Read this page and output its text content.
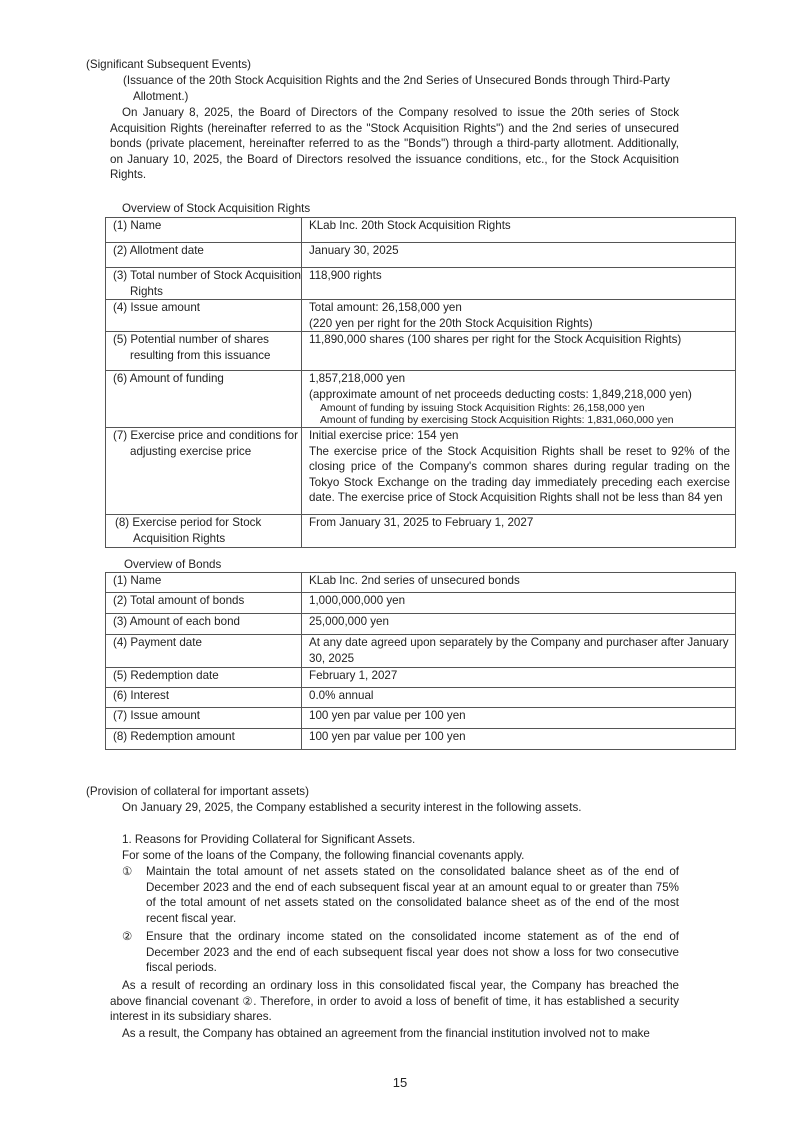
(Significant Subsequent Events)
(Issuance of the 20th Stock Acquisition Rights and the 2nd Series of Unsecured Bonds through Third-Party Allotment.)
On January 8, 2025, the Board of Directors of the Company resolved to issue the 20th series of Stock Acquisition Rights (hereinafter referred to as the "Stock Acquisition Rights") and the 2nd series of unsecured bonds (private placement, hereinafter referred to as the "Bonds") through a third-party allotment. Additionally, on January 10, 2025, the Board of Directors resolved the issuance conditions, etc., for the Stock Acquisition Rights.
Overview of Stock Acquisition Rights
(1) Name	KLab Inc. 20th Stock Acquisition Rights
(2) Allotment date	January 30, 2025

(3) Total number of Stock Acquisition Rights	118,900 rights
(4) Issue amount	Total amount: 26,158,000 yen
(220 yen per right for the 20th Stock Acquisition Rights)

(5) Potential number of shares resulting from this issuance	11,890,000 shares (100 shares per right for the Stock Acquisition Rights)
(6) Amount of funding	1,857,218,000 yen
(approximate amount of net proceeds deducting costs: 1,849,218,000 yen)
Amount of funding by issuing Stock Acquisition Rights: 26,158,000 yen
Amount of funding by exercising Stock Acquisition Rights: 1,831,060,000 yen

(7) Exercise price and conditions for adjusting exercise price	Initial exercise price: 154 yen
The exercise price of the Stock Acquisition Rights shall be reset to 92% of the closing price of the Company's common shares during regular trading on the Tokyo Stock Exchange on the trading day immediately preceding each exercise date. The exercise price of Stock Acquisition Rights shall not be less than 84 yen

(8) Exercise period for Stock Acquisition Rights	From January 31, 2025 to February 1, 2027
Overview of Bonds
(1) Name	KLab Inc. 2nd series of unsecured bonds
(2) Total amount of bonds	1,000,000,000 yen
(3) Amount of each bond	25,000,000 yen
(4) Payment date	At any date agreed upon separately by the Company and purchaser after January 30, 2025
(5) Redemption date	February 1, 2027
(6) Interest	0.0% annual
(7) Issue amount	100 yen par value per 100 yen
(8) Redemption amount	100 yen par value per 100 yen
(Provision of collateral for important assets)
On January 29, 2025, the Company established a security interest in the following assets.
1. Reasons for Providing Collateral for Significant Assets.
For some of the loans of the Company, the following financial covenants apply.
① Maintain the total amount of net assets stated on the consolidated balance sheet as of the end of December 2023 and the end of each subsequent fiscal year at an amount equal to or greater than 75% of the total amount of net assets stated on the consolidated balance sheet as of the end of the most recent fiscal year.
② Ensure that the ordinary income stated on the consolidated income statement as of the end of December 2023 and the end of each subsequent fiscal year does not show a loss for two consecutive fiscal periods.
As a result of recording an ordinary loss in this consolidated fiscal year, the Company has breached the above financial covenant ②. Therefore, in order to avoid a loss of benefit of time, it has established a security interest in its subsidiary shares.
As a result, the Company has obtained an agreement from the financial institution involved not to make
15
